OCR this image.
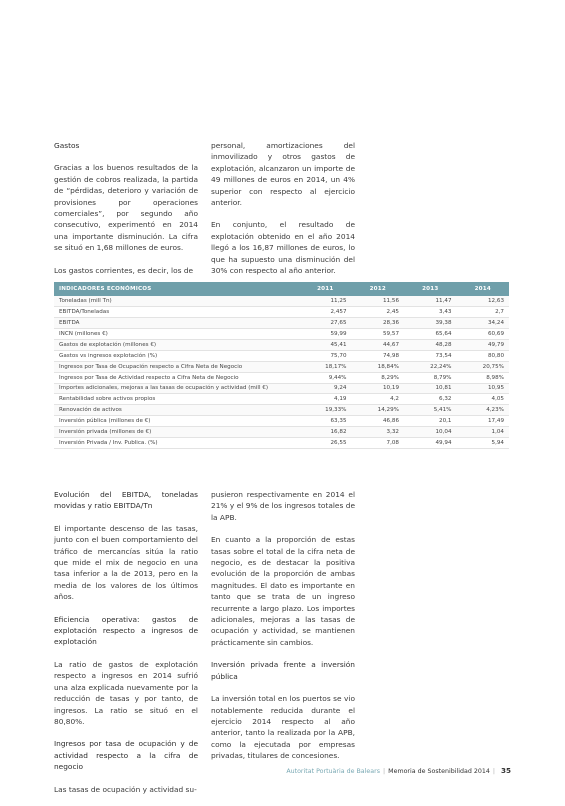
Gastos

Gracias a los buenos resultados de la gestión de cobros realizada, la partida de “pérdidas, deterioro y variación de provisiones por operaciones comerciales”, por segundo año consecutivo, experimentó en 2014 una importante disminución. La cifra se situó en 1,68 millones de euros.

Los gastos corrientes, es decir, los de

personal, amortizaciones del inmovilizado y otros gastos de explotación, alcanzaron un importe de 49 millones de euros en 2014, un 4% superior con respecto al ejercicio anterior.

En conjunto, el resultado de explotación obtenido en el año 2014 llegó a los 16,87 millones de euros, lo que ha supuesto una disminución del 30% con respecto al año anterior.

INDICADORES ECONÓMICOS	2011	2012	2013	2014
Toneladas (mill Tn)	11,25	11,56	11,47	12,63
EBITDA/Toneladas	2,457	2,45	3,43	2,7
EBITDA	27,65	28,36	39,38	34,24
INCN (millones €)	59,99	59,57	65,64	60,69
Gastos de explotación (millones €)	45,41	44,67	48,28	49,79
Gastos vs ingresos explotación (%)	75,70	74,98	73,54	80,80
Ingresos por Tasa de Ocupación respecto a Cifra Neta de Negocio	18,17%	18,84%	22,24%	20,75%
Ingresos por Tasa de Actividad respecto a Cifra Neta de Negocio	9,44%	8,29%	8,79%	8,98%
Importes adicionales, mejoras a las tasas de ocupación y actividad (mill €)	9,24	10,19	10,81	10,95
Rentabilidad sobre activos propios	4,19	4,2	6,32	4,05
Renovación de activos	19,33%	14,29%	5,41%	4,23%
Inversión pública (millones de €)	63,35	46,86	20,1	17,49
Inversión privada (millones de €)	16,82	3,32	10,04	1,04
Inversión Privada / Inv. Publica. (%)	26,55	7,08	49,94	5,94
Evolución del EBITDA, toneladas movidas y ratio EBITDA/Tn

El importante descenso de las tasas, junto con el buen comportamiento del tráfico de mercancías sitúa la ratio que mide el mix de negocio en una tasa inferior a la de 2013, pero en la media de los valores de los últimos años.

Eficiencia operativa: gastos de explotación respecto a ingresos de explotación

La ratio de gastos de explotación respecto a ingresos en 2014 sufrió una alza explicada nuevamente por la reducción de tasas y por tanto, de ingresos. La ratio se situó en el 80,80%.

Ingresos por tasa de ocupación y de actividad respecto a la cifra de negocio

Las tasas de ocupación y actividad su-

pusieron respectivamente en 2014 el 21% y el 9% de los ingresos totales de la APB.

En cuanto a la proporción de estas tasas sobre el total de la cifra neta de negocio, es de destacar la positiva evolución de la proporción de ambas magnitudes. El dato es importante en tanto que se trata de un ingreso recurrente a largo plazo. Los importes adicionales, mejoras a las tasas de ocupación y actividad, se mantienen prácticamente sin cambios.

Inversión privada frente a inversión pública

La inversión total en los puertos se vio notablemente reducida durante el ejercicio 2014 respecto al año anterior, tanto la realizada por la APB, como la ejecutada por empresas privadas, titulares de concesiones.

Autoritat Portuària de Balears | Memoria de Sostenibilidad 2014 | 35
